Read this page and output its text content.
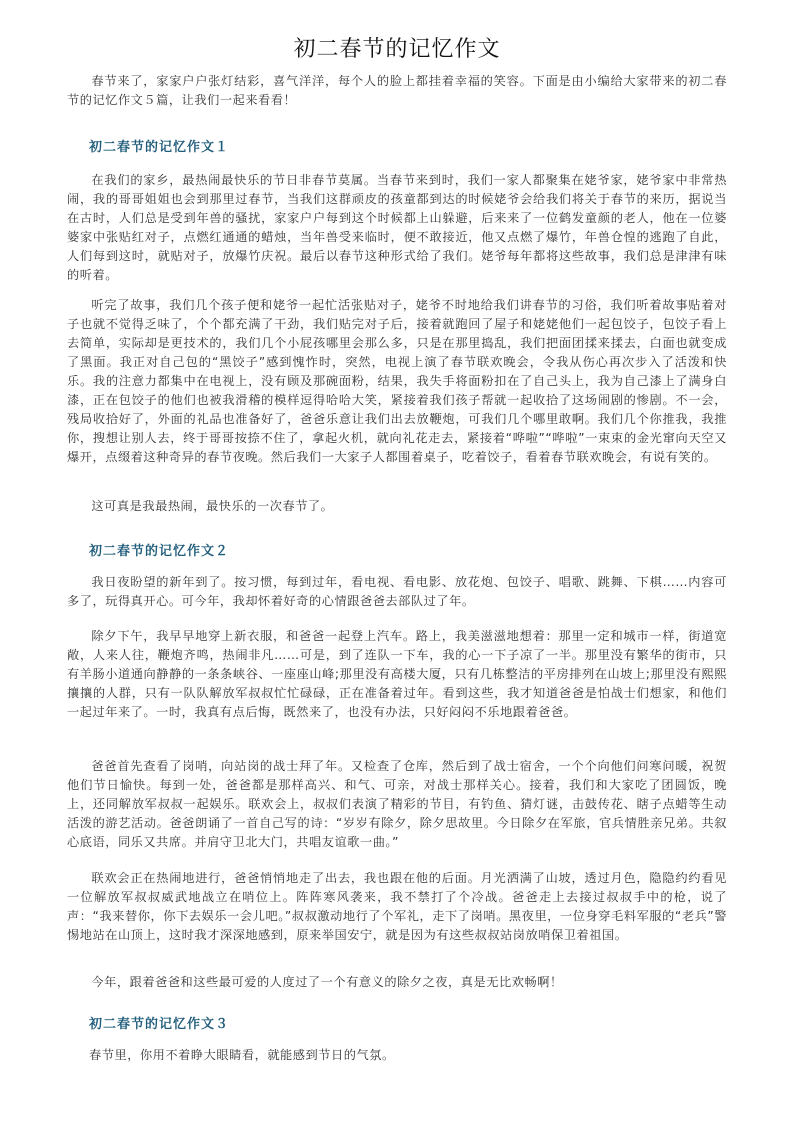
初二春节的记忆作文

春节来了，家家户户张灯结彩，喜气洋洋，每个人的脸上都挂着幸福的笑容。下面是由小编给大家带来的初二春节的记忆作文５篇，让我们一起来看看！

初二春节的记忆作文１

在我们的家乡，最热闹最快乐的节日非春节莫属。当春节来到时，我们一家人都聚集在姥爷家，姥爷家中非常热闹，我的哥哥姐姐也会到那里过春节，当我们这群顽皮的孩童都到达的时候姥爷会给我们将关于春节的来历，据说当在古时，人们总是受到年兽的骚扰，家家户户每到这个时候都上山躲避，后来来了一位鹤发童颜的老人，他在一位婆婆家中张贴红对子，点燃红通通的蜡烛，当年兽受来临时，便不敢接近，他又点燃了爆竹，年兽仓惶的逃跑了自此，人们每到这时，就贴对子，放爆竹庆祝。最后以春节这种形式给了我们。姥爷每年都将这些故事，我们总是津津有味的听着。

听完了故事，我们几个孩子便和姥爷一起忙活张贴对子，姥爷不时地给我们讲春节的习俗，我们听着故事贴着对子也就不觉得乏味了，个个都充满了干劲，我们贴完对子后，接着就跑回了屋子和姥姥他们一起包饺子，包饺子看上去简单，实际却是更技术的，我们几个小屁孩哪里会那么多，只是在那里捣乱，我们把面团揉来揉去，白面也就变成了黑面。我正对自己包的“黑饺子”感到愧怍时，突然，电视上演了春节联欢晚会，令我从伤心再次步入了活泼和快乐。我的注意力都集中在电视上，没有顾及那碗面粉，结果，我失手将面粉扣在了自己头上，我为自己漆上了满身白漆，正在包饺子的他们也被我滑稽的模样逗得哈哈大笑，紧接着我们孩子帮就一起收拾了这场闹剧的惨剧。不一会，残局收拾好了，外面的礼品也准备好了，爸爸乐意让我们出去放鞭炮，可我们几个哪里敢啊。我们几个你推我，我推你，搜想让别人去，终于哥哥按捺不住了，拿起火机，就向礼花走去，紧接着“哗啦”“哗啦”一束束的金光窜向天空又爆开，点缀着这种奇异的春节夜晚。然后我们一大家子人都围着桌子，吃着饺子，看着春节联欢晚会，有说有笑的。

这可真是我最热闹，最快乐的一次春节了。

初二春节的记忆作文２

我日夜盼望的新年到了。按习惯，每到过年，看电视、看电影、放花炮、包饺子、唱歌、跳舞、下棋……内容可多了，玩得真开心。可今年，我却怀着好奇的心情跟爸爸去部队过了年。

除夕下午，我早早地穿上新衣服，和爸爸一起登上汽车。路上，我美滋滋地想着：那里一定和城市一样，街道宽敞，人来人往，鞭炮齐鸣，热闹非凡……可是，到了连队一下车，我的心一下子凉了一半。那里没有繁华的街市，只有羊肠小道通向静静的一条条峡谷、一座座山峰;那里没有高楼大厦，只有几栋整洁的平房排列在山坡上;那里没有熙熙攘攘的人群，只有一队队解放军叔叔忙忙碌碌，正在准备着过年。看到这些，我才知道爸爸是怕战士们想家，和他们一起过年来了。一时，我真有点后悔，既然来了，也没有办法，只好闷闷不乐地跟着爸爸。

爸爸首先查看了岗哨，向站岗的战士拜了年。又检查了仓库，然后到了战士宿舍，一个个向他们问寒问暖，祝贺他们节日愉快。每到一处，爸爸都是那样高兴、和气、可亲，对战士那样关心。接着，我们和大家吃了团圆饭，晚上，还同解放军叔叔一起娱乐。联欢会上，叔叔们表演了精彩的节目，有钓鱼、猜灯谜，击鼓传花、瞎子点蜡等生动活泼的游艺活动。爸爸朗诵了一首自己写的诗：“岁岁有除夕，除夕思故里。今日除夕在军旅，官兵情胜亲兄弟。共叙心底语，同乐又共席。并肩守卫北大门，共唱友谊歌一曲。”

联欢会正在热闹地进行，爸爸悄悄地走了出去，我也跟在他的后面。月光洒满了山坡，透过月色，隐隐约约看见一位解放军叔叔威武地战立在哨位上。阵阵寒风袭来，我不禁打了个冷战。爸爸走上去接过叔叔手中的枪，说了声：“我来替你，你下去娱乐一会儿吧。”叔叔激动地行了个军礼，走下了岗哨。黑夜里，一位身穿毛料军服的“老兵”警惕地站在山顶上，这时我才深深地感到，原来举国安宁，就是因为有这些叔叔站岗放哨保卫着祖国。

今年，跟着爸爸和这些最可爱的人度过了一个有意义的除夕之夜，真是无比欢畅啊！

初二春节的记忆作文３

春节里，你用不着睁大眼睛看，就能感到节日的气氛。
